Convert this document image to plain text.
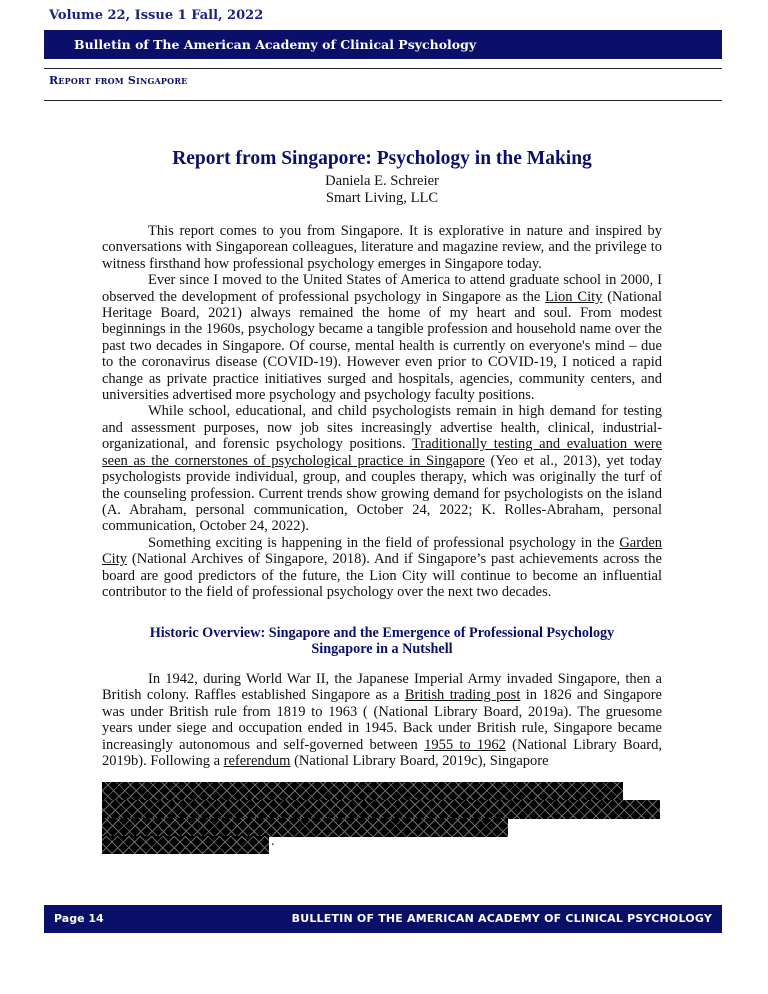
Volume 22, Issue 1 Fall, 2022
Bulletin of The American Academy of Clinical Psychology
Report from Singapore
Report from Singapore: Psychology in the Making
Daniela E. Schreier
Smart Living, LLC

This report comes to you from Singapore. It is explorative in nature and inspired by conversations with Singaporean colleagues, literature and magazine review, and the privilege to witness firsthand how professional psychology emerges in Singapore today.

Ever since I moved to the United States of America to attend graduate school in 2000, I observed the development of professional psychology in Singapore as the Lion City (National Heritage Board, 2021) always remained the home of my heart and soul. From modest beginnings in the 1960s, psychology became a tangible profession and household name over the past two decades in Singapore. Of course, mental health is currently on everyone's mind – due to the coronavirus disease (COVID-19). However even prior to COVID-19, I noticed a rapid change as private practice initiatives surged and hospitals, agencies, community centers, and universities advertised more psychology and psychology faculty positions.

While school, educational, and child psychologists remain in high demand for testing and assessment purposes, now job sites increasingly advertise health, clinical, industrial-organizational, and forensic psychology positions. Traditionally testing and evaluation were seen as the cornerstones of psychological practice in Singapore (Yeo et al., 2013), yet today psychologists provide individual, group, and couples therapy, which was originally the turf of the counseling profession. Current trends show growing demand for psychologists on the island (A. Abraham, personal communication, October 24, 2022; K. Rolles-Abraham, personal communication, October 24, 2022).

Something exciting is happening in the field of professional psychology in the Garden City (National Archives of Singapore, 2018). And if Singapore’s past achievements across the board are good predictors of the future, the Lion City will continue to become an influential contributor to the field of professional psychology over the next two decades.

Historic Overview: Singapore and the Emergence of Professional Psychology
Singapore in a Nutshell

In 1942, during World War II, the Japanese Imperial Army invaded Singapore, then a British colony. Raffles established Singapore as a British trading post in 1826 and Singapore was under British rule from 1819 to 1963 ( (National Library Board, 2019a). The gruesome years under siege and occupation ended in 1945. Back under British rule, Singapore became increasingly autonomous and self-governed between 1955 to 1962 (National Library Board, 2019b). Following a referendum (National Library Board, 2019c), Singapore

.
Page 14	BULLETIN OF THE AMERICAN ACADEMY OF CLINICAL PSYCHOLOGY
